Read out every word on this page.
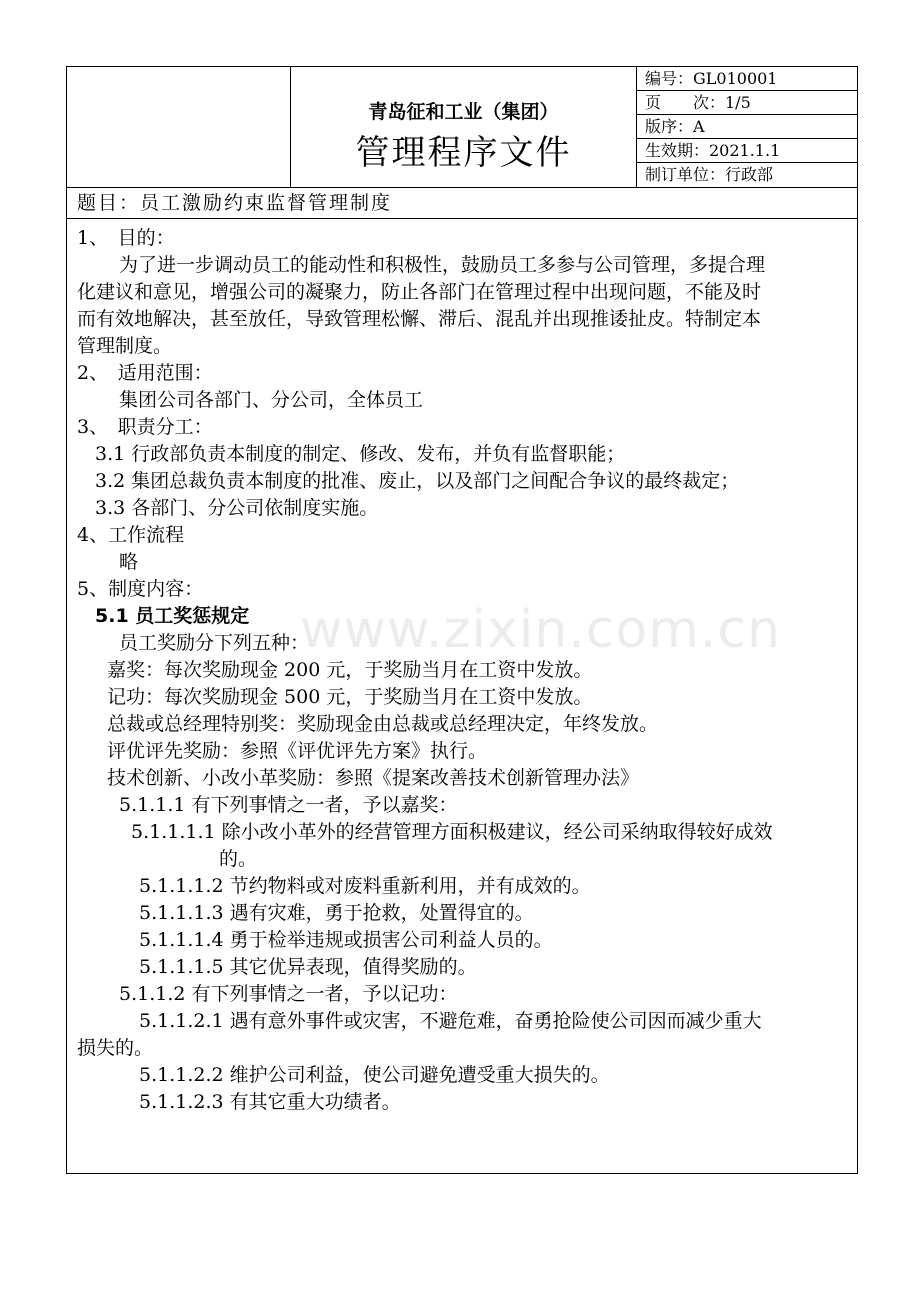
青岛征和工业（集团）
管理程序文件
编号：GL010001
页　　次：1/5
版序：A
生效期：2021.1.1
制订单位：行政部
题目：员工激励约束监督管理制度
1、　目的：
为了进一步调动员工的能动性和积极性，鼓励员工多参与公司管理，多提合理
化建议和意见，增强公司的凝聚力，防止各部门在管理过程中出现问题，不能及时
而有效地解决，甚至放任，导致管理松懈、滞后、混乱并出现推诿扯皮。特制定本
管理制度。
2、　适用范围：
集团公司各部门、分公司，全体员工
3、　职责分工：
3.1 行政部负责本制度的制定、修改、发布，并负有监督职能；
3.2 集团总裁负责本制度的批准、废止，以及部门之间配合争议的最终裁定；
3.3 各部门、分公司依制度实施。
4、工作流程
略
5、制度内容：
5.1 员工奖惩规定
员工奖励分下列五种：
嘉奖：每次奖励现金 200 元，于奖励当月在工资中发放。
记功：每次奖励现金 500 元，于奖励当月在工资中发放。
总裁或总经理特别奖：奖励现金由总裁或总经理决定，年终发放。
评优评先奖励：参照《评优评先方案》执行。
技术创新、小改小革奖励：参照《提案改善技术创新管理办法》
5.1.1.1 有下列事情之一者，予以嘉奖：
5.1.1.1.1 除小改小革外的经营管理方面积极建议，经公司采纳取得较好成效
的。
5.1.1.1.2 节约物料或对废料重新利用，并有成效的。
5.1.1.1.3 遇有灾难，勇于抢救，处置得宜的。
5.1.1.1.4 勇于检举违规或损害公司利益人员的。
5.1.1.1.5 其它优异表现，值得奖励的。
5.1.1.2 有下列事情之一者，予以记功：
5.1.1.2.1 遇有意外事件或灾害，不避危难，奋勇抢险使公司因而减少重大
损失的。
5.1.1.2.2 维护公司利益，使公司避免遭受重大损失的。
5.1.1.2.3 有其它重大功绩者。
www.zixin.com.cn
